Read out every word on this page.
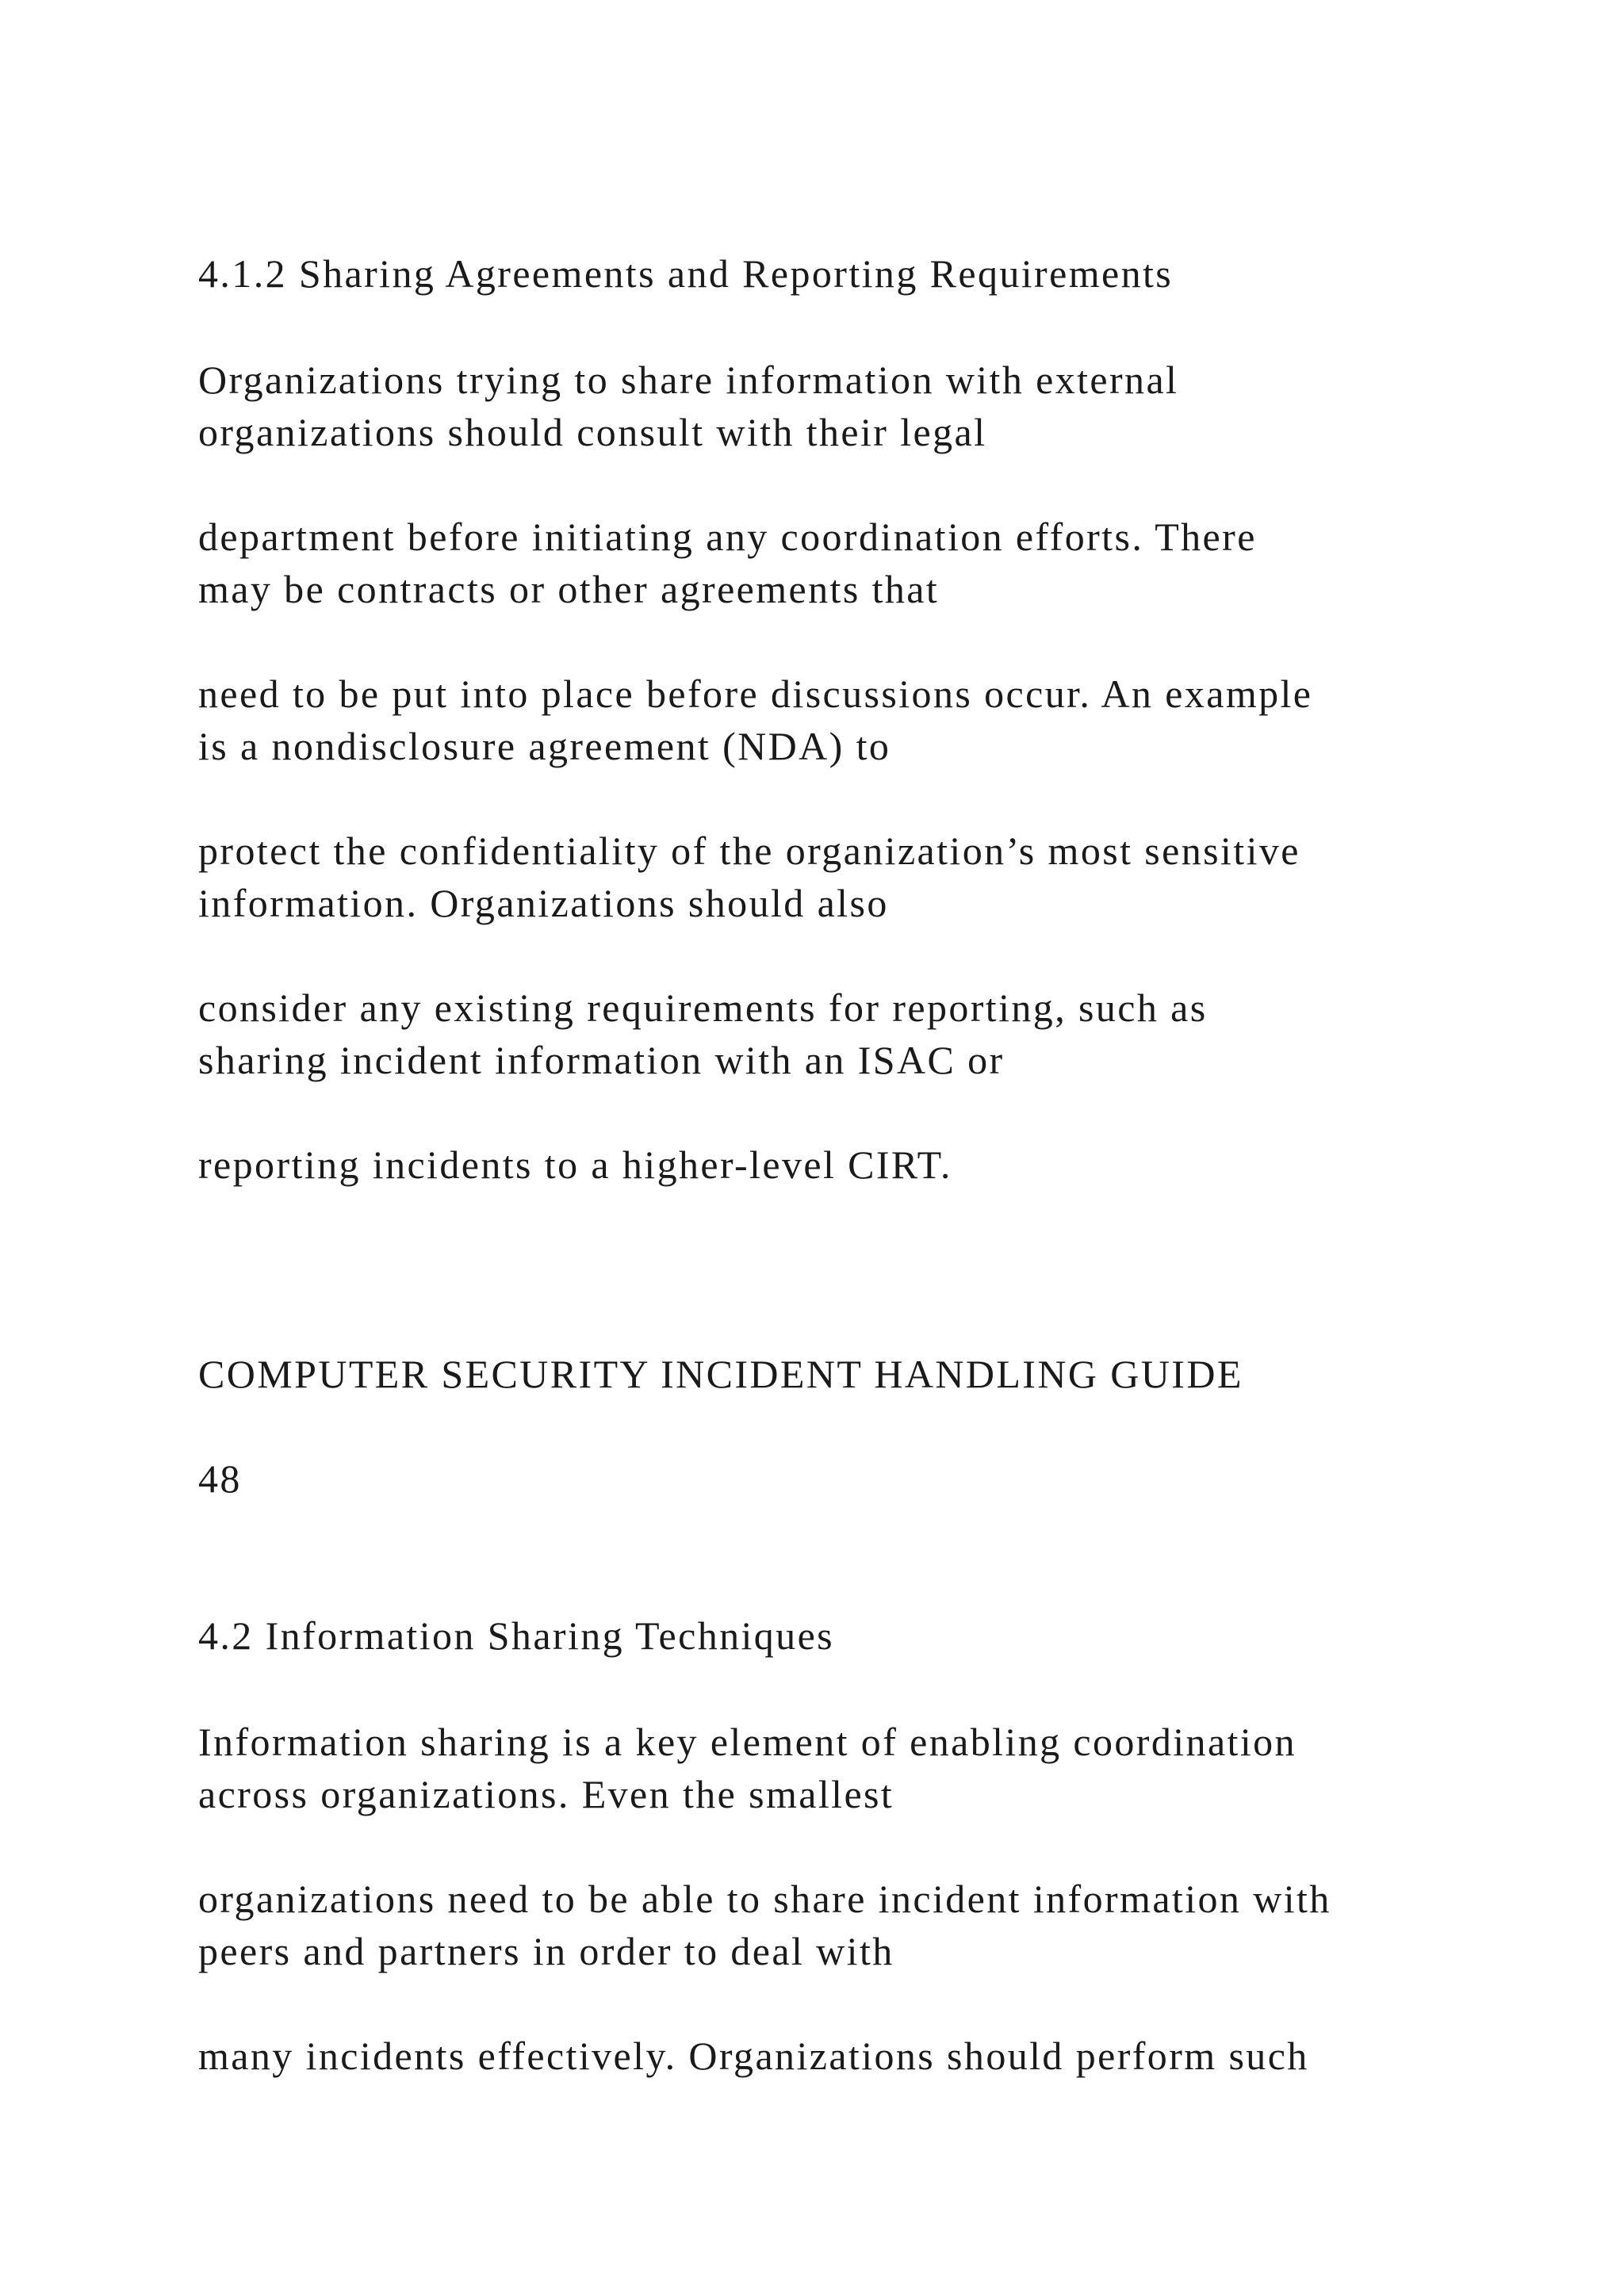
4.1.2 Sharing Agreements and Reporting Requirements

Organizations trying to share information with external

organizations should consult with their legal

department before initiating any coordination efforts. There

may be contracts or other agreements that

need to be put into place before discussions occur. An example

is a nondisclosure agreement (NDA) to

protect the confidentiality of the organization’s most sensitive

information. Organizations should also

consider any existing requirements for reporting, such as

sharing incident information with an ISAC or

reporting incidents to a higher-level CIRT.

COMPUTER SECURITY INCIDENT HANDLING GUIDE
48
4.2 Information Sharing Techniques

Information sharing is a key element of enabling coordination

across organizations. Even the smallest

organizations need to be able to share incident information with

peers and partners in order to deal with

many incidents effectively. Organizations should perform such
